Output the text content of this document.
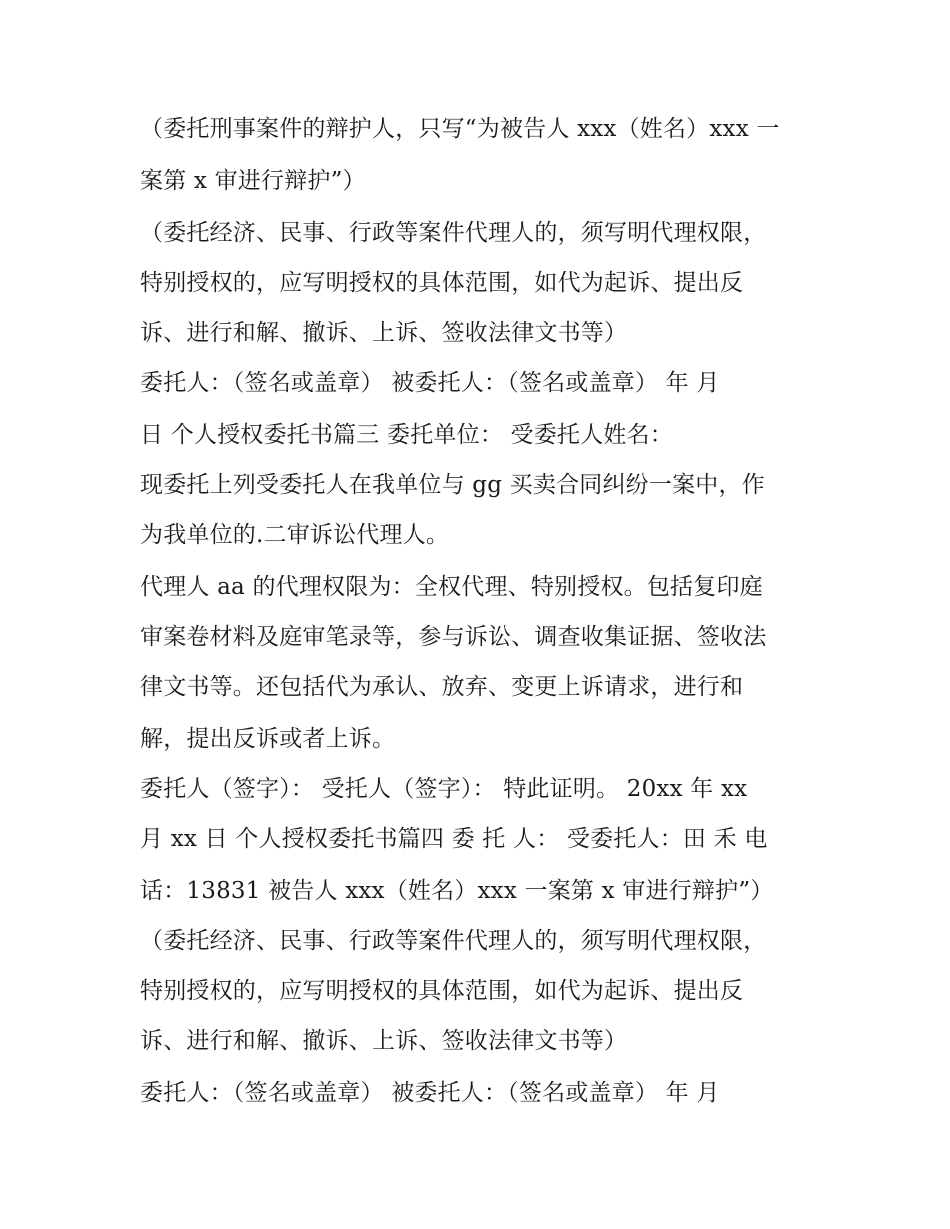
（委托刑事案件的辩护人，只写“为被告人 xxx（姓名）xxx 一
案第 x 审进行辩护”）
（委托经济、民事、行政等案件代理人的，须写明代理权限，
特别授权的，应写明授权的具体范围，如代为起诉、提出反
诉、进行和解、撤诉、上诉、签收法律文书等）
委托人：（签名或盖章） 被委托人：（签名或盖章） 年 月
日 个人授权委托书篇三 委托单位： 受委托人姓名：
现委托上列受委托人在我单位与 gg 买卖合同纠纷一案中，作
为我单位的.二审诉讼代理人。
代理人 aa 的代理权限为：全权代理、特别授权。包括复印庭
审案卷材料及庭审笔录等，参与诉讼、调查收集证据、签收法
律文书等。还包括代为承认、放弃、变更上诉请求，进行和
解，提出反诉或者上诉。
委托人（签字）： 受托人（签字）： 特此证明。 20xx 年 xx
月 xx 日 个人授权委托书篇四 委 托 人： 受委托人：田 禾 电
话：13831 被告人 xxx（姓名）xxx 一案第 x 审进行辩护”）
（委托经济、民事、行政等案件代理人的，须写明代理权限，
特别授权的，应写明授权的具体范围，如代为起诉、提出反
诉、进行和解、撤诉、上诉、签收法律文书等）
委托人：（签名或盖章） 被委托人：（签名或盖章） 年 月
